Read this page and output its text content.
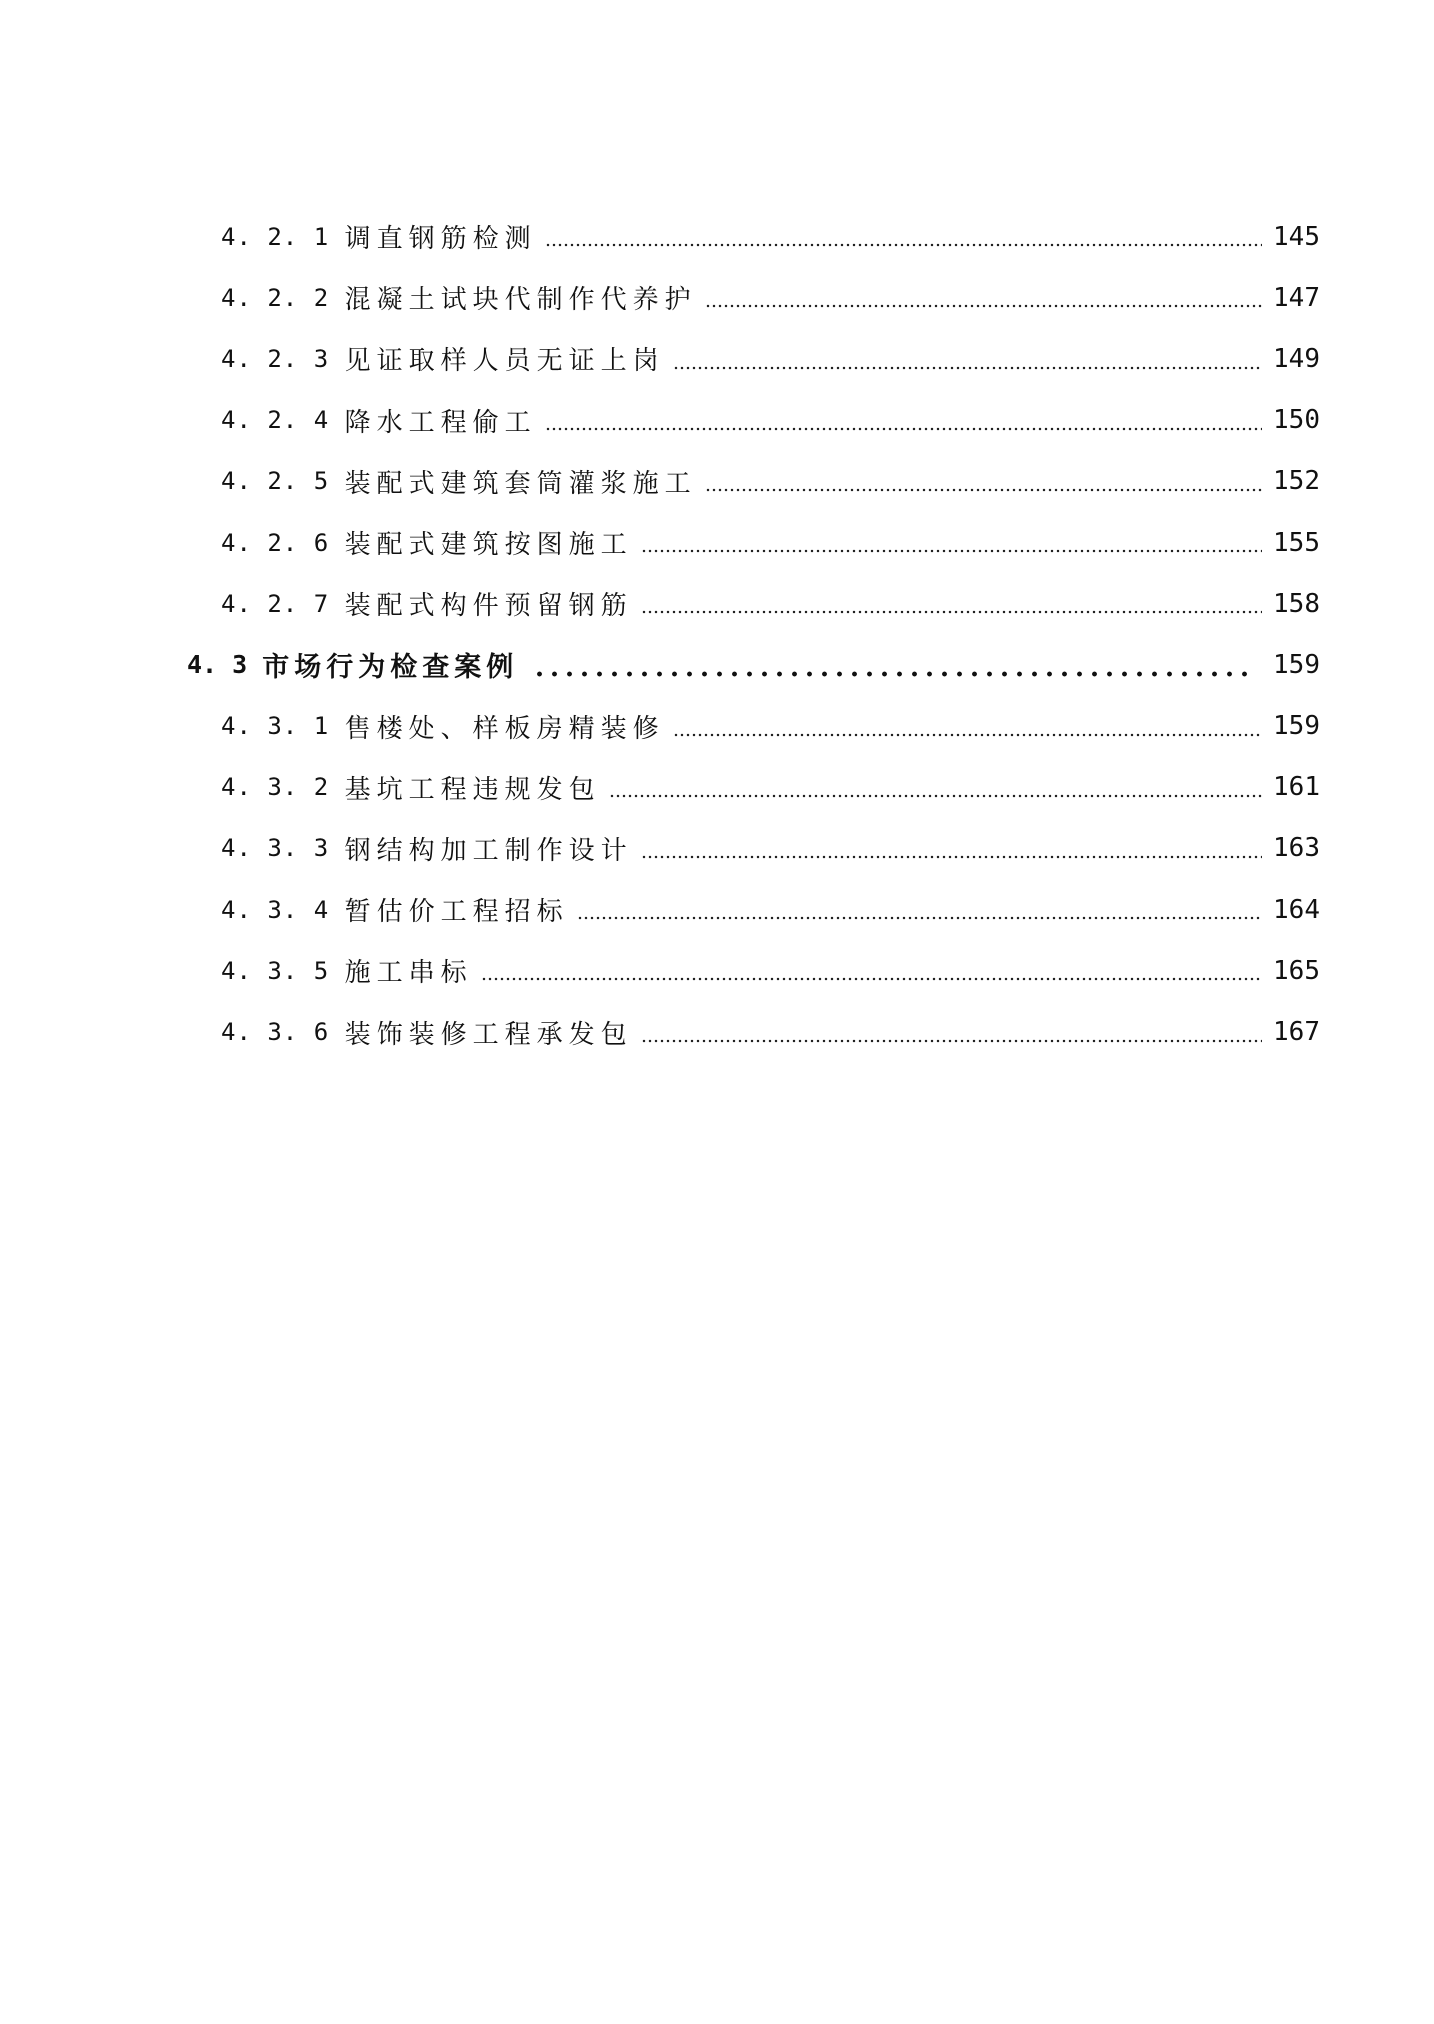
4. 2. 1 调直钢筋检测	145
4. 2. 2 混凝土试块代制作代养护	147
4. 2. 3 见证取样人员无证上岗	149
4. 2. 4 降水工程偷工	150
4. 2. 5 装配式建筑套筒灌浆施工	152
4. 2. 6 装配式建筑按图施工	155
4. 2. 7 装配式构件预留钢筋	158
4. 3 市场行为检查案例	159
4. 3. 1 售楼处、样板房精装修	159
4. 3. 2 基坑工程违规发包	161
4. 3. 3 钢结构加工制作设计	163
4. 3. 4 暂估价工程招标	164
4. 3. 5 施工串标	165
4. 3. 6 装饰装修工程承发包	167
